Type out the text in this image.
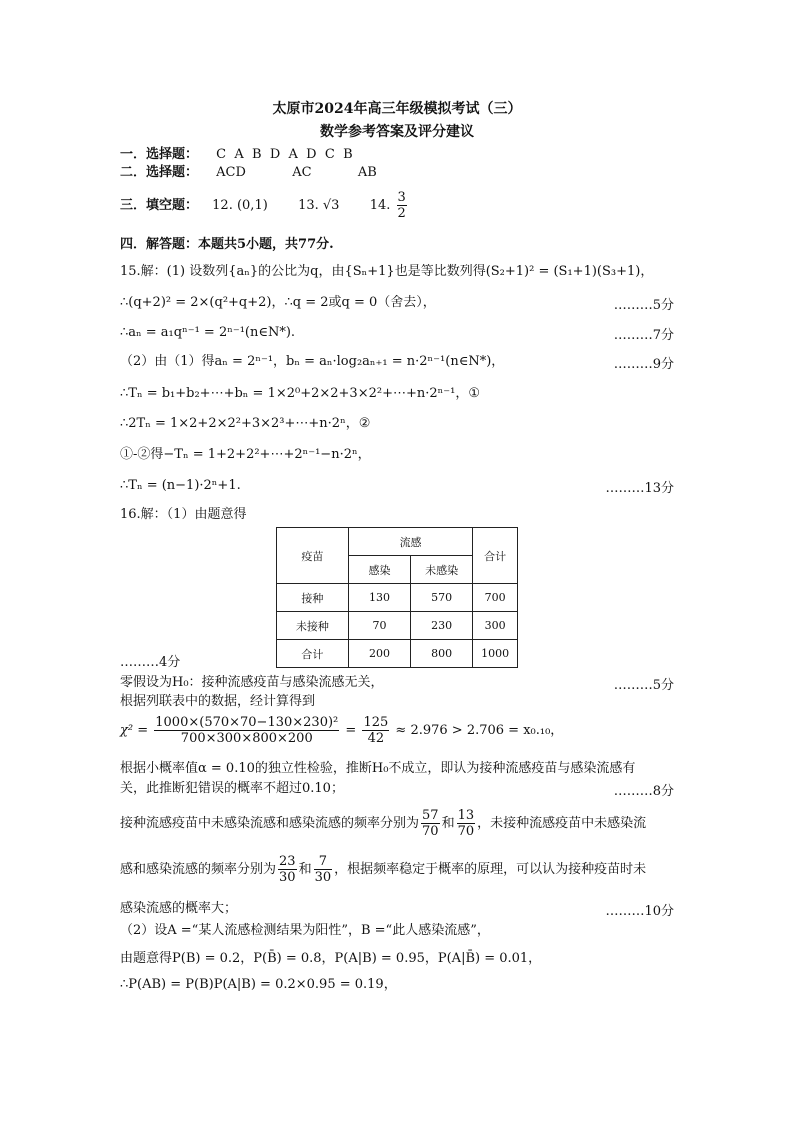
太原市2024年高三年级模拟考试（三）
数学参考答案及评分建议
一．选择题： C  A  B  D  A  D  C  B
二．选择题： ACD	AC	AB
三．填空题： 12. (0,1) 13. √3 14. $\frac{3}{2}$
四．解答题：本题共5小题，共77分.
15.解：(1) 设数列{aₙ}的公比为q，由{Sₙ+1}也是等比数列得(S₂+1)² = (S₁+1)(S₃+1)，
∴(q+2)² = 2×(q²+q+2)，∴q = 2或q = 0（舍去），	………5分
∴aₙ = a₁qⁿ⁻¹ = 2ⁿ⁻¹(n∈N*).	………7分
（2）由（1）得aₙ = 2ⁿ⁻¹，bₙ = aₙ·log₂aₙ₊₁ = n·2ⁿ⁻¹(n∈N*)，	………9分
∴Tₙ = b₁+b₂+⋯+bₙ = 1×2⁰+2×2+3×2²+⋯+n·2ⁿ⁻¹，①
∴2Tₙ = 1×2+2×2²+3×2³+⋯+n·2ⁿ，②
①-②得−Tₙ = 1+2+2²+⋯+2ⁿ⁻¹−n·2ⁿ，
∴Tₙ = (n−1)·2ⁿ+1.	………13分
16.解：（1）由题意得
疫苗	流感		合计
	感染	未感染	
接种	130	570	700
未接种	70	230	300
合计	200	800	1000
………4分
零假设为H₀：接种流感疫苗与感染流感无关，	………5分
根据列联表中的数据，经计算得到
$\chi^2 = \frac{\text{1000×(570×70−130×230)²}}{700\times 300\times 800\times 200} = \frac{125}{42} \approx 2.976 > 2.706 = x_0._{10}$，
根据小概率值α = 0.10的独立性检验，推断H₀不成立，即认为接种流感疫苗与感染流感有
关，此推断犯错误的概率不超过0.10；	………8分
接种流感疫苗中未感染流感和感染流感的频率分别为 $\frac{57}{70}$ 和 $\frac{13}{70}$ ，未接种流感疫苗中未感染流
感和感染流感的频率分别为 $\frac{23}{30}$ 和 $\frac{7}{30}$ ，根据频率稳定于概率的原理，可以认为接种疫苗时未
感染流感的概率大；	………10分
（2）设A =“某人流感检测结果为阳性”，B =“此人感染流感”，
由题意得P(B) = 0.2，P(B̄) = 0.8，P(A|B) = 0.95，P(A|B̄) = 0.01，
∴P(AB) = P(B)P(A|B) = 0.2×0.95 = 0.19，
